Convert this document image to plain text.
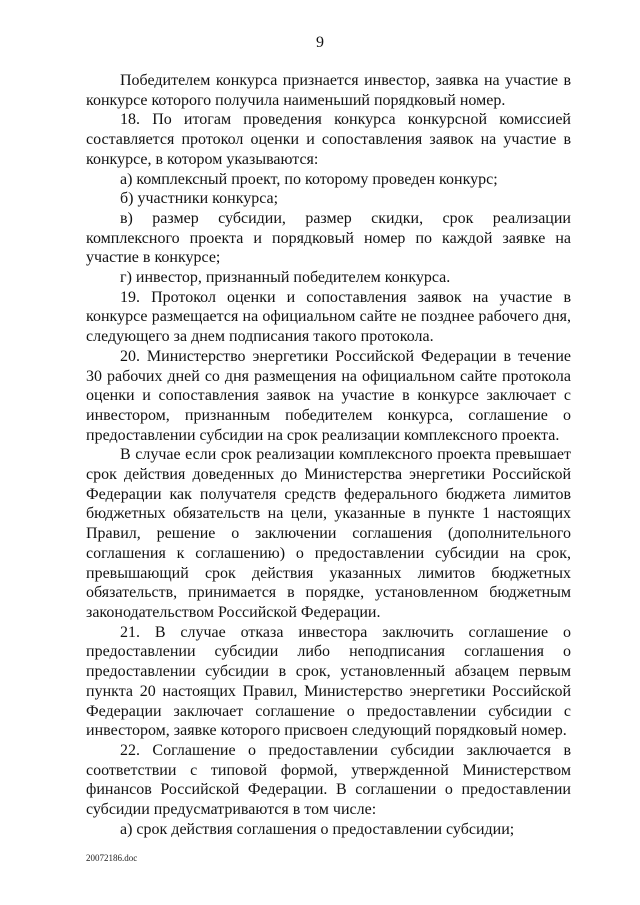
9

Победителем конкурса признается инвестор, заявка на участие в конкурсе которого получила наименьший порядковый номер.

18. По итогам проведения конкурса конкурсной комиссией составляется протокол оценки и сопоставления заявок на участие в конкурсе, в котором указываются:

а) комплексный проект, по которому проведен конкурс;

б) участники конкурса;

в) размер субсидии, размер скидки, срок реализации комплексного проекта и порядковый номер по каждой заявке на участие в конкурсе;

г) инвестор, признанный победителем конкурса.

19. Протокол оценки и сопоставления заявок на участие в конкурсе размещается на официальном сайте не позднее рабочего дня, следующего за днем подписания такого протокола.

20. Министерство энергетики Российской Федерации в течение 30 рабочих дней со дня размещения на официальном сайте протокола оценки и сопоставления заявок на участие в конкурсе заключает с инвестором, признанным победителем конкурса, соглашение о предоставлении субсидии на срок реализации комплексного проекта.

В случае если срок реализации комплексного проекта превышает срок действия доведенных до Министерства энергетики Российской Федерации как получателя средств федерального бюджета лимитов бюджетных обязательств на цели, указанные в пункте 1 настоящих Правил, решение о заключении соглашения (дополнительного соглашения к соглашению) о предоставлении субсидии на срок, превышающий срок действия указанных лимитов бюджетных обязательств, принимается в порядке, установленном бюджетным законодательством Российской Федерации.

21. В случае отказа инвестора заключить соглашение о предоставлении субсидии либо неподписания соглашения о предоставлении субсидии в срок, установленный абзацем первым пункта 20 настоящих Правил, Министерство энергетики Российской Федерации заключает соглашение о предоставлении субсидии с инвестором, заявке которого присвоен следующий порядковый номер.

22. Соглашение о предоставлении субсидии заключается в соответствии с типовой формой, утвержденной Министерством финансов Российской Федерации. В соглашении о предоставлении субсидии предусматриваются в том числе:

а) срок действия соглашения о предоставлении субсидии;

20072186.doc
